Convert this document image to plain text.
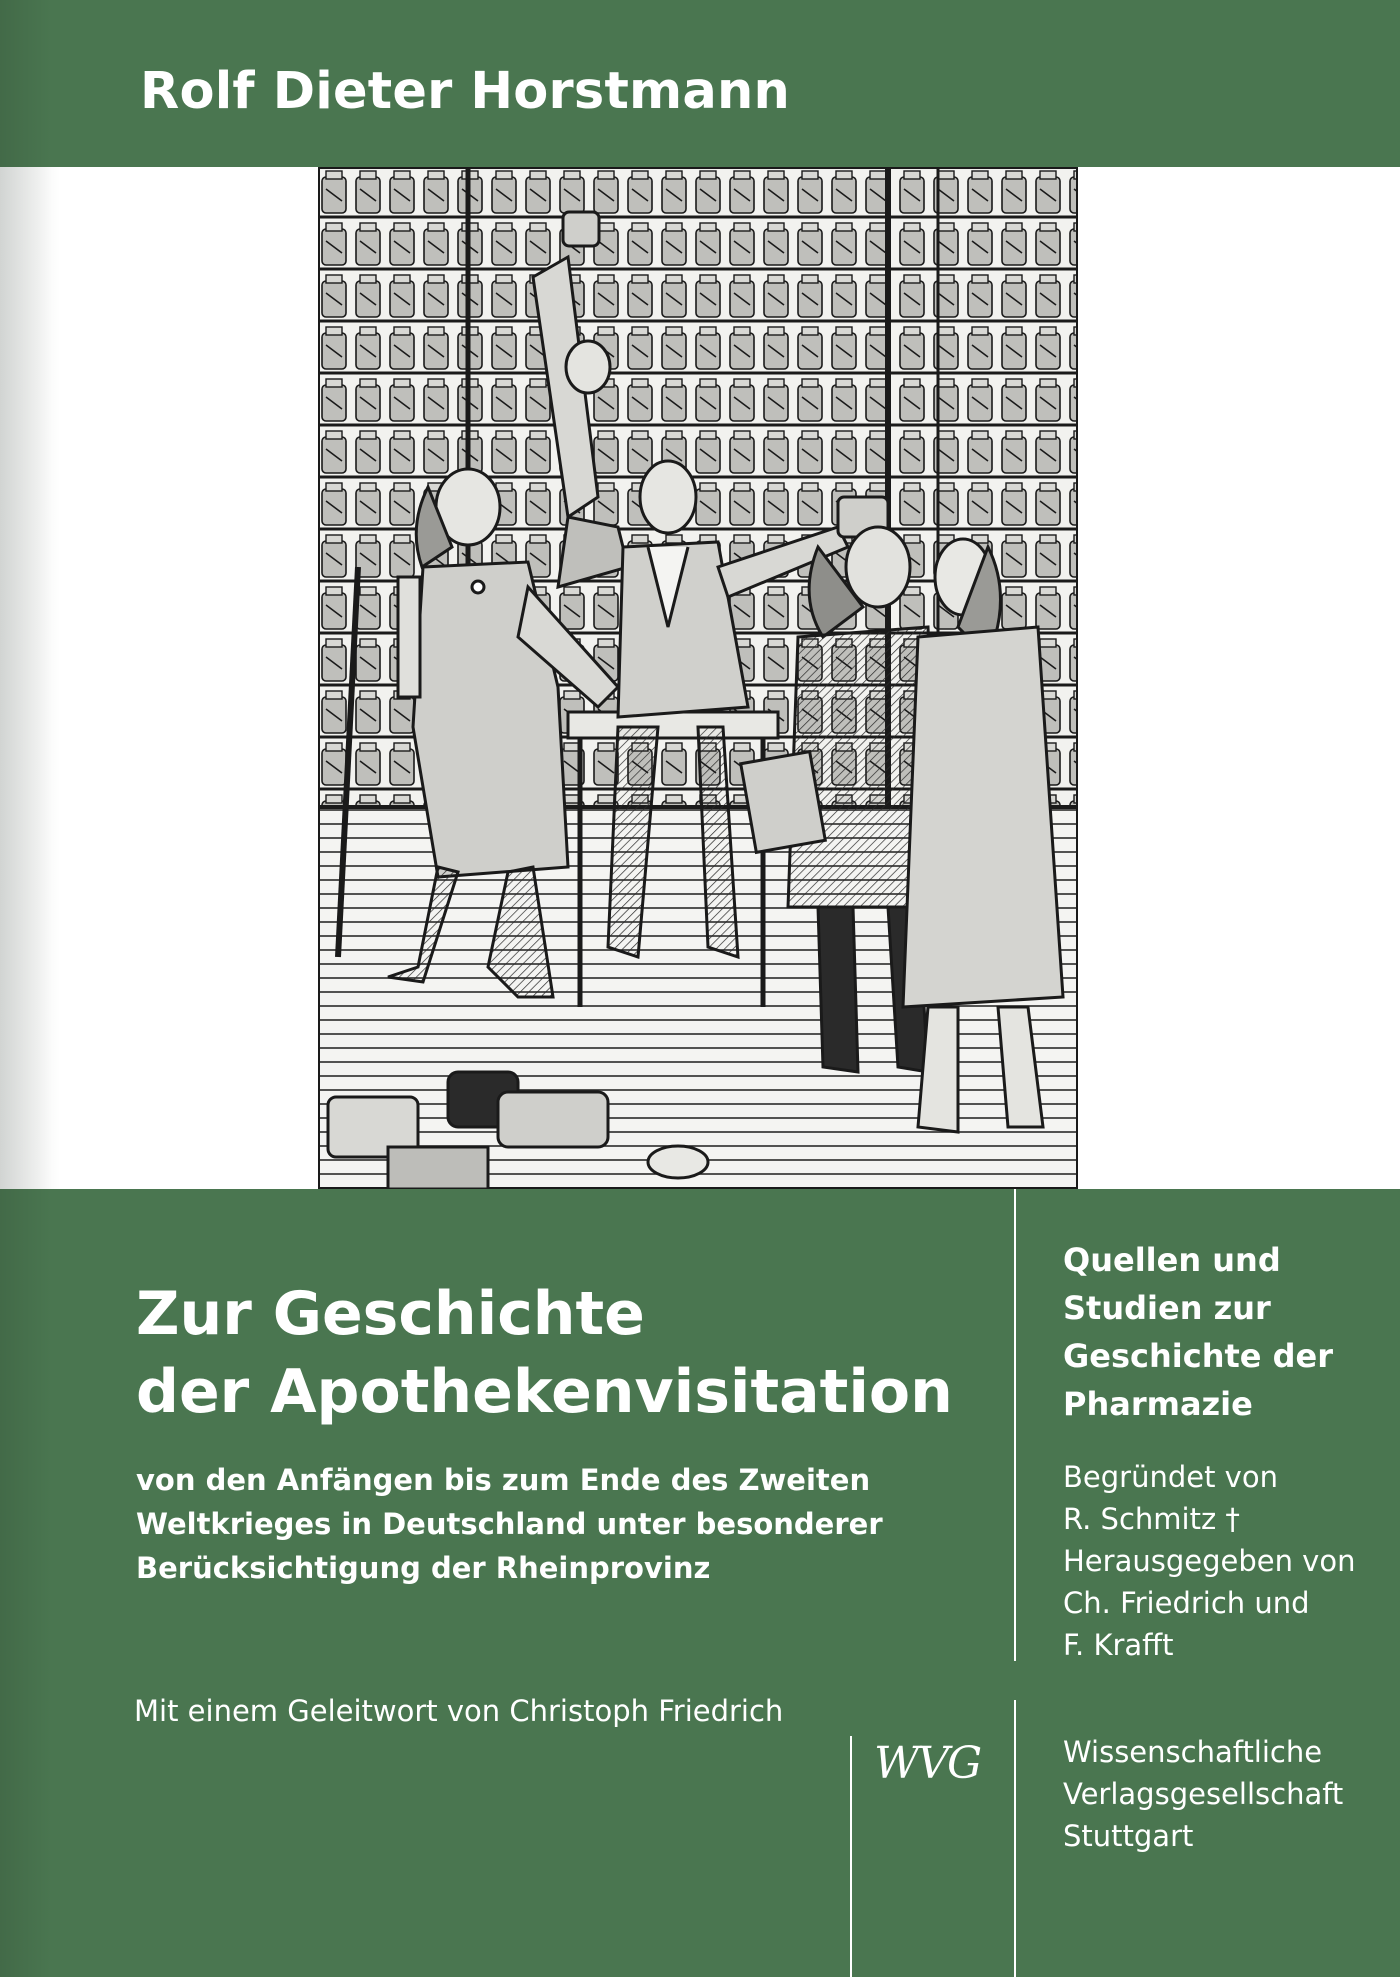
Rolf Dieter Horstmann
Zur Geschichte
der Apothekenvisitation
von den Anfängen bis zum Ende des Zweiten
Weltkrieges in Deutschland unter besonderer
Berücksichtigung der Rheinprovinz
Mit einem Geleitwort von Christoph Friedrich
Quellen und
Studien zur
Geschichte der
Pharmazie
Begründet von
R. Schmitz †
Herausgegeben von
Ch. Friedrich und
F. Krafft
WVG	Wissenschaftliche
Verlagsgesellschaft
Stuttgart
